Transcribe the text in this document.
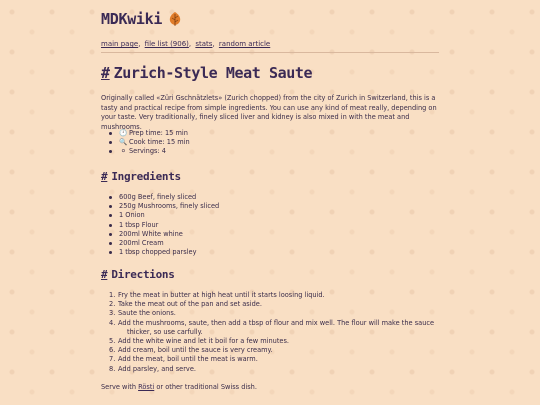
MDKwiki
main page, file list (906), stats, random article
# Zurich-Style Meat Saute

Originally called «Züri Gschnätzlets» (Zurich chopped) from the city of Zurich in Switzerland, this is a tasty and practical recipe from simple ingredients. You can use any kind of meat really, depending on your taste. Very traditionally, finely sliced liver and kidney is also mixed in with the meat and mushrooms.

🕛Prep time: 15 min
🔍Cook time: 15 min
⚪ Servings: 4
# Ingredients
600g Beef, finely sliced
250g Mushrooms, finely sliced
1 Onion
1 tbsp Flour
200ml White whine
200ml Cream
1 tbsp chopped parsley
# Directions
1. Fry the meat in butter at high heat until it starts loosing liquid.
2. Take the meat out of the pan and set aside.
3. Saute the onions.
4. Add the mushrooms, saute, then add a tbsp of flour and mix well. The flour will make the sauce
thicker, so use carfully.
5. Add the white wine and let it boil for a few minutes.
6. Add cream, boil until the sauce is very creamy.
7. Add the meat, boil until the meat is warm.
8. Add parsley, and serve.

Serve with Rösti or other traditional Swiss dish.
